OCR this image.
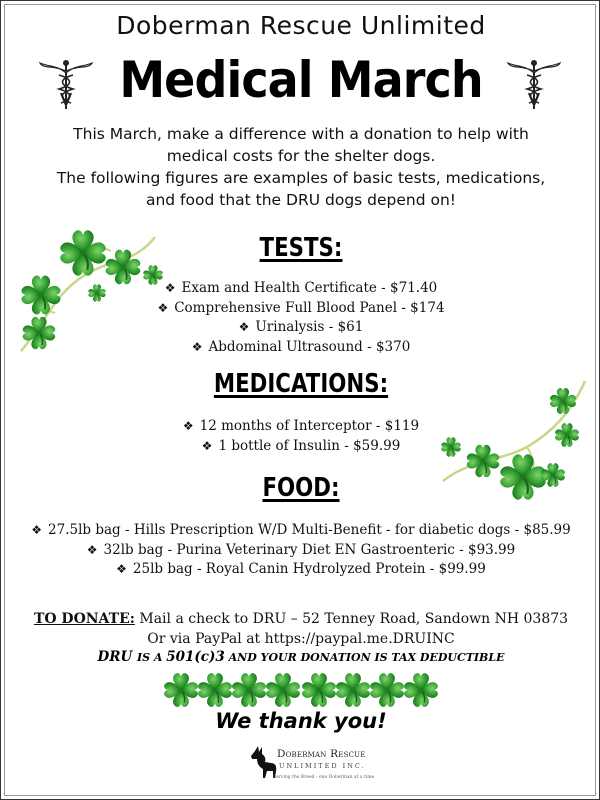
Doberman Rescue Unlimited
Medical March
This March, make a difference with a donation to help with
medical costs for the shelter dogs.
The following figures are examples of basic tests, medications,
and food that the DRU dogs depend on!
TESTS:
❖ Exam and Health Certificate - $71.40
❖ Comprehensive Full Blood Panel - $174
❖ Urinalysis - $61
❖ Abdominal Ultrasound - $370
MEDICATIONS:
❖ 12 months of Interceptor - $119
❖ 1 bottle of Insulin - $59.99
FOOD:
❖ 27.5lb bag - Hills Prescription W/D Multi-Benefit - for diabetic dogs - $85.99
❖ 32lb bag - Purina Veterinary Diet EN Gastroenteric - $93.99
❖ 25lb bag - Royal Canin Hydrolyzed Protein - $99.99
TO DONATE: Mail a check to DRU – 52 Tenney Road, Sandown NH 03873
Or via PayPal at https://paypal.me.DRUINC
DRU IS A 501(c)3 AND YOUR DONATION IS TAX DEDUCTIBLE
We thank you!
Doberman Rescue
UNLIMITED INC.
Serving the Breed - one Doberman at a time
